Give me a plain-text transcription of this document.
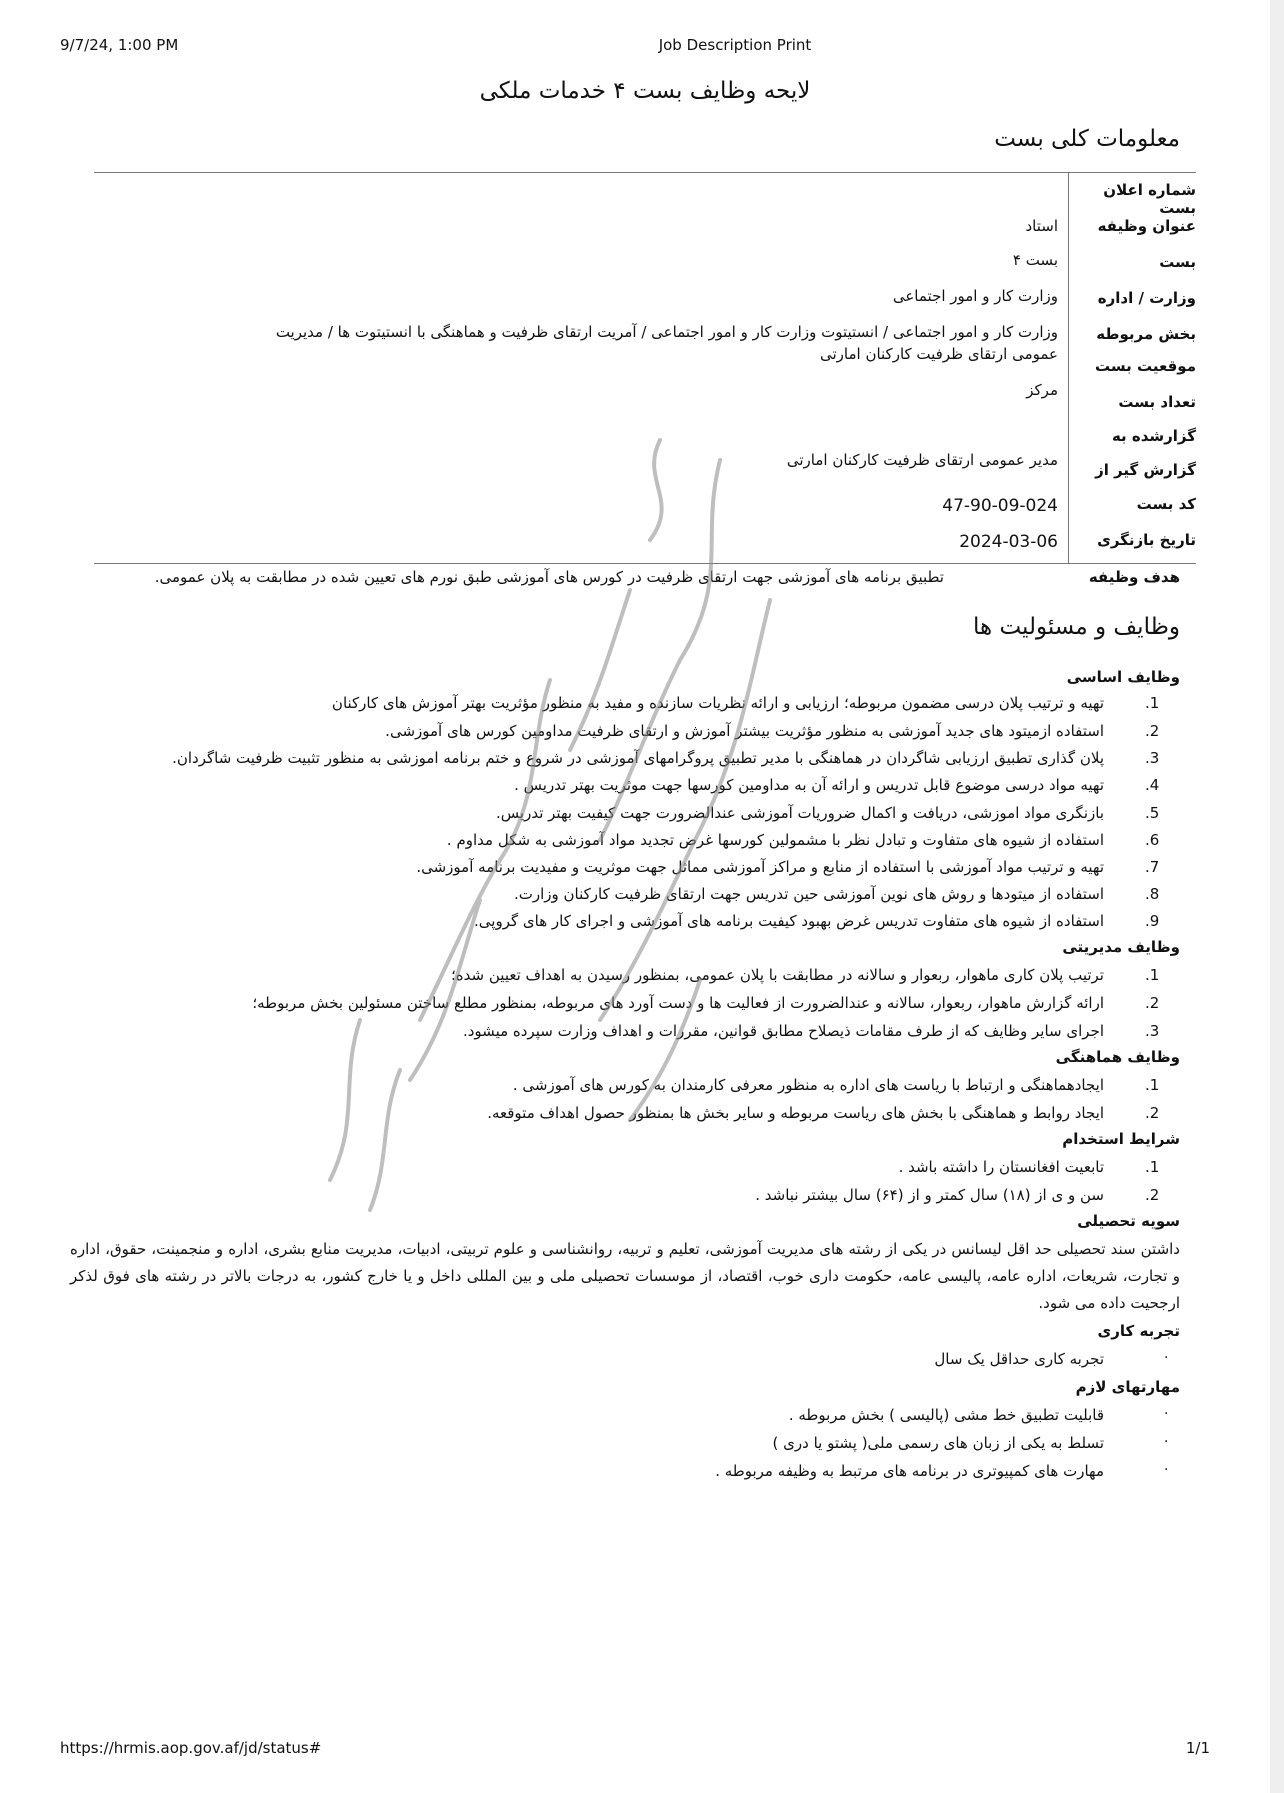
9/7/24, 1:00 PM	Job Description Print
لایحه وظایف بست ۴ خدمات ملکی
معلومات کلی بست
شماره اعلان بست
عنوان وظیفه
بست
وزارت / اداره
بخش مربوطه
موقعیت بست
تعداد بست
گزارشده به
گزارش گیر از
کد بست
تاریخ بازنگری
استاد
بست ۴
وزارت کار و امور اجتماعی
وزارت کار و امور اجتماعی / انستیتوت وزارت کار و امور اجتماعی / آمریت ارتقای ظرفیت و هماهنگی با انستیتوت ها / مدیریت عمومی ارتقای ظرفیت کارکنان امارتی
مرکز
مدیر عمومی ارتقای ظرفیت کارکنان امارتی
47-90-09-024
2024-03-06
هدف وظیفه
تطبیق برنامه های آموزشی جهت ارتقای ظرفیت در کورس های آموزشی طبق نورم های تعیین شده در مطابقت به پلان عمومی.
وظایف و مسئولیت ها
وظایف اساسی
.1
تهیه و ترتیب پلان درسی مضمون مربوطه؛ ارزیابی و ارائه نظریات سازنده و مفید به منظور مؤثریت بهتر آموزش های کارکنان
.2
استفاده ازمیتود های جدید آموزشی به منظور مؤثریت بیشتر آموزش و ارتقای ظرفیت مداومین کورس های آموزشی.
.3
پلان گذاری تطبیق ارزیابی شاگردان در هماهنگی با مدیر تطبیق پروگرامهای آموزشی در شروع و ختم برنامه اموزشی به منظور تثبیت ظرفیت شاگردان.
.4
تهیه مواد درسی موضوع قابل تدریس و ارائه آن به مداومین کورسها جهت موثریت بهتر تدریس .
.5
بازنگری مواد اموزشی، دریافت و اکمال ضروریات آموزشی عندالضرورت جهت کیفیت بهتر تدریس.
.6
استفاده از شیوه های متفاوت و تبادل نظر با مشمولین کورسها غرض تجدید مواد آموزشی به شکل مداوم .
.7
تهیه و ترتیب مواد آموزشی با استفاده از منابع و مراکز آموزشی مماثل جهت موثریت و مفیدیت برنامه آموزشی.
.8
استفاده از میتودها و روش های نوین آموزشی حین تدریس جهت ارتقای ظرفیت کارکنان وزارت.
.9
استفاده از شیوه های متفاوت تدریس غرض بهبود کیفیت برنامه های آموزشی و اجرای کار های گروپی.
وظایف مدیریتی
.1
ترتیب پلان کاری ماهوار، ربعوار و سالانه در مطابقت با پلان عمومی، بمنظور رسیدن به اهداف تعیین شده؛
.2
ارائه گزارش ماهوار، ربعوار، سالانه و عندالضرورت از فعالیت ها و دست آورد های مربوطه، بمنظور مطلع ساختن مسئولین بخش مربوطه؛
.3
اجرای سایر وظایف که از طرف مقامات ذیصلاح مطابق قوانین، مقررات و اهداف وزارت سپرده میشود.
وظایف هماهنگی
.1
ایجادهماهنگی و ارتباط با ریاست های اداره به منظور معرفی کارمندان به کورس های آموزشی .
.2
ایجاد روابط و هماهنگی با بخش های ریاست مربوطه و سایر بخش ها بمنظور حصول اهداف متوقعه.
شرایط استخدام
.1
تابعیت افغانستان را داشته باشد .
.2
سن و ی از (۱۸) سال کمتر و از (۶۴) سال بیشتر نباشد .
سویه تحصیلی
داشتن سند تحصیلی حد اقل لیسانس در یکی از رشته های مدیریت آموزشی، تعلیم و تربیه، روانشناسی و علوم تربیتی، ادبیات، مدیریت منابع بشری، اداره و منجمینت، حقوق، اداره و تجارت، شریعات، اداره عامه، پالیسی عامه، حکومت داری خوب، اقتصاد، از موسسات تحصیلی ملی و بین المللی داخل و یا خارج کشور، به درجات بالاتر در رشته های فوق لذکر ارجحیت داده می شود.
تجربه کاری
·
تجربه کاری حداقل یک سال
مهارتهای لازم
·
قابلیت تطبیق خط مشی (پالیسی ) بخش مربوطه .
·
تسلط به یکی از زبان های رسمی ملی( پشتو یا دری )
·
مهارت های کمپیوتری در برنامه های مرتبط به وظیفه مربوطه .
https://hrmis.aop.gov.af/jd/status#	1/1
